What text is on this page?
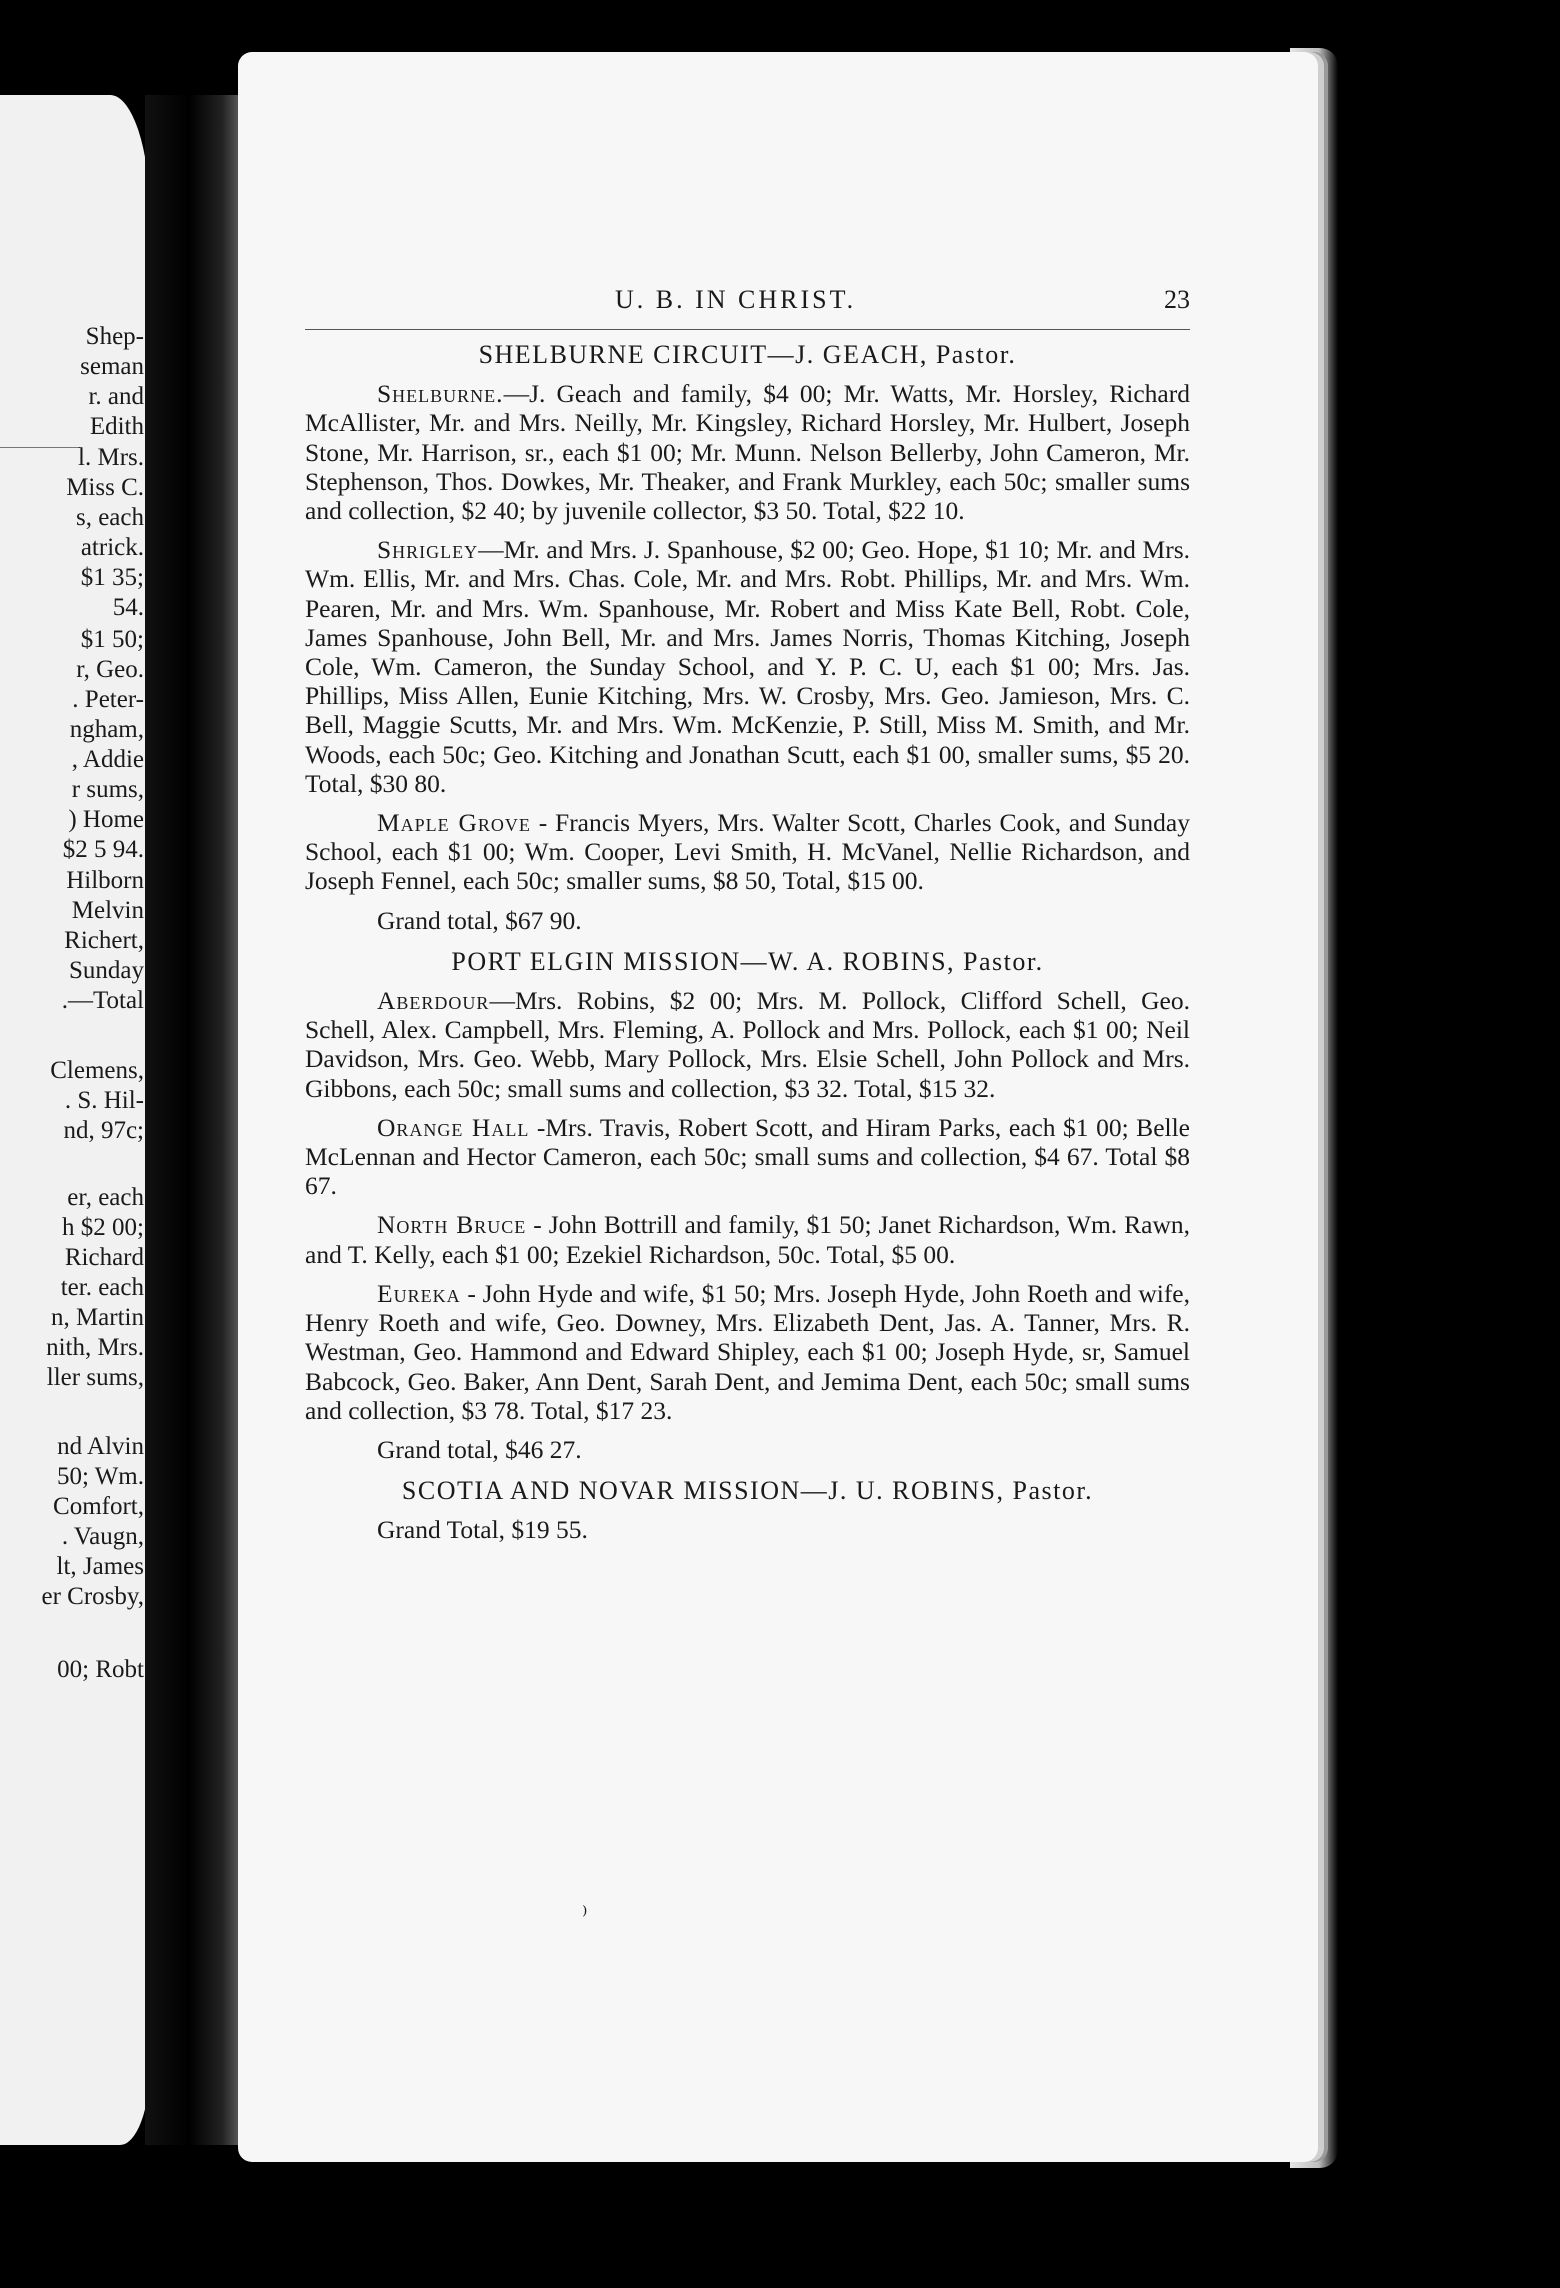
Shep-
seman
r. and
Edith
l. Mrs.
Miss C.
s, each
atrick.
$1 35;
54.
$1 50;
r, Geo.
. Peter-
ngham,
, Addie
r sums,
) Home
$2 5 94.
Hilborn
Melvin
Richert,
Sunday
.—Total
Clemens,
. S. Hil-
nd, 97c;
er, each
h $2 00;
Richard
ter. each
n, Martin
nith, Mrs.
ller sums,
nd Alvin
50; Wm.
Comfort,
. Vaugn,
lt, James
er Crosby,
00; Robt
U. B. IN CHRIST.	23
SHELBURNE CIRCUIT—J. GEACH, Pastor.

Shelburne.—J. Geach and family, $4 00; Mr. Watts, Mr. Horsley, Richard McAllister, Mr. and Mrs. Neilly, Mr. Kingsley, Richard Horsley, Mr. Hulbert, Joseph Stone, Mr. Harrison, sr., each $1 00; Mr. Munn. Nelson Bellerby, John Cameron, Mr. Stephenson, Thos. Dowkes, Mr. Theaker, and Frank Murkley, each 50c; smaller sums and collection, $2 40; by juvenile collector, $3 50. Total, $22 10.

Shrigley—Mr. and Mrs. J. Spanhouse, $2 00; Geo. Hope, $1 10; Mr. and Mrs. Wm. Ellis, Mr. and Mrs. Chas. Cole, Mr. and Mrs. Robt. Phillips, Mr. and Mrs. Wm. Pearen, Mr. and Mrs. Wm. Spanhouse, Mr. Robert and Miss Kate Bell, Robt. Cole, James Spanhouse, John Bell, Mr. and Mrs. James Norris, Thomas Kitching, Joseph Cole, Wm. Cameron, the Sunday School, and Y. P. C. U, each $1 00; Mrs. Jas. Phillips, Miss Allen, Eunie Kitching, Mrs. W. Crosby, Mrs. Geo. Jamieson, Mrs. C. Bell, Maggie Scutts, Mr. and Mrs. Wm. McKenzie, P. Still, Miss M. Smith, and Mr. Woods, each 50c; Geo. Kitching and Jonathan Scutt, each $1 00, smaller sums, $5 20. Total, $30 80.

Maple Grove - Francis Myers, Mrs. Walter Scott, Charles Cook, and Sunday School, each $1 00; Wm. Cooper, Levi Smith, H. McVanel, Nellie Richardson, and Joseph Fennel, each 50c; smaller sums, $8 50, Total, $15 00.

Grand total, $67 90.
PORT ELGIN MISSION—W. A. ROBINS, Pastor.

Aberdour—Mrs. Robins, $2 00; Mrs. M. Pollock, Clifford Schell, Geo. Schell, Alex. Campbell, Mrs. Fleming, A. Pollock and Mrs. Pollock, each $1 00; Neil Davidson, Mrs. Geo. Webb, Mary Pollock, Mrs. Elsie Schell, John Pollock and Mrs. Gibbons, each 50c; small sums and collection, $3 32. Total, $15 32.

Orange Hall -Mrs. Travis, Robert Scott, and Hiram Parks, each $1 00; Belle McLennan and Hector Cameron, each 50c; small sums and collection, $4 67. Total $8 67.

North Bruce - John Bottrill and family, $1 50; Janet Richardson, Wm. Rawn, and T. Kelly, each $1 00; Ezekiel Richardson, 50c. Total, $5 00.

Eureka - John Hyde and wife, $1 50; Mrs. Joseph Hyde, John Roeth and wife, Henry Roeth and wife, Geo. Downey, Mrs. Elizabeth Dent, Jas. A. Tanner, Mrs. R. Westman, Geo. Hammond and Edward Shipley, each $1 00; Joseph Hyde, sr, Samuel Babcock, Geo. Baker, Ann Dent, Sarah Dent, and Jemima Dent, each 50c; small sums and collection, $3 78. Total, $17 23.

Grand total, $46 27.
SCOTIA AND NOVAR MISSION—J. U. ROBINS, Pastor.
Grand Total, $19 55.
⁾
